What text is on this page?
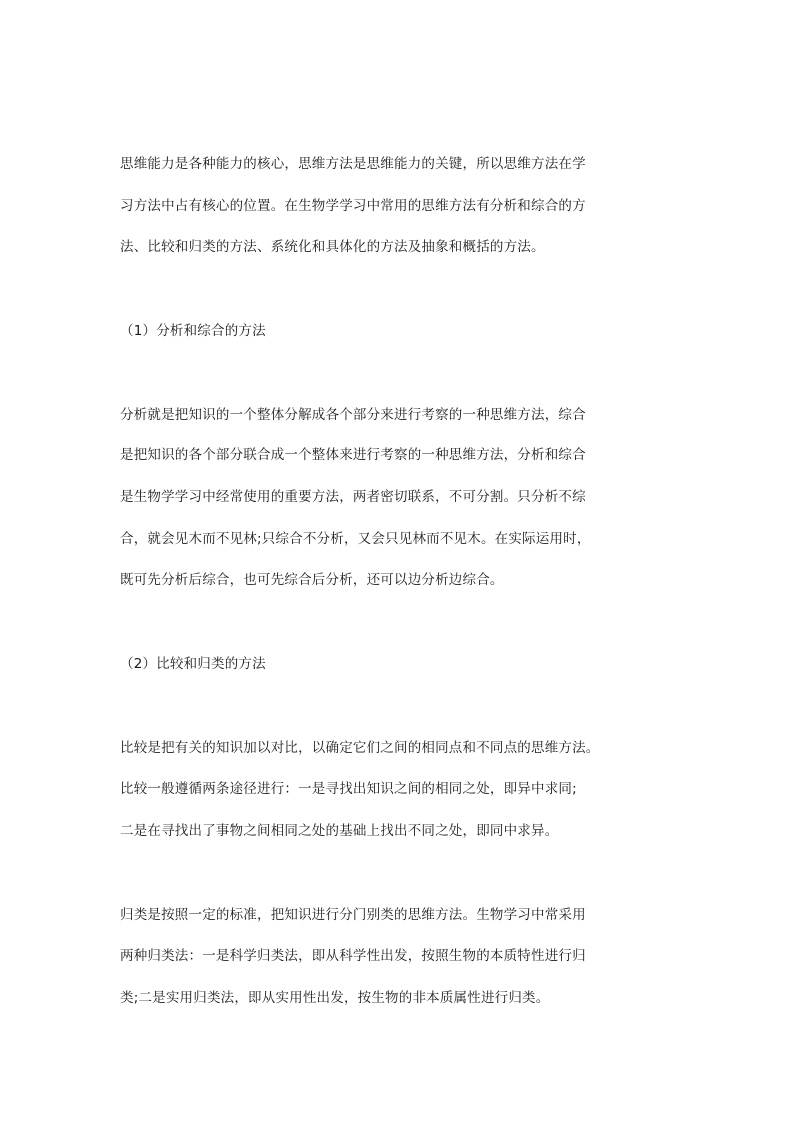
思维能力是各种能力的核心，思维方法是思维能力的关键，所以思维方法在学
习方法中占有核心的位置。在生物学学习中常用的思维方法有分析和综合的方
法、比较和归类的方法、系统化和具体化的方法及抽象和概括的方法。
（1）分析和综合的方法
分析就是把知识的一个整体分解成各个部分来进行考察的一种思维方法，综合
是把知识的各个部分联合成一个整体来进行考察的一种思维方法，分析和综合
是生物学学习中经常使用的重要方法，两者密切联系，不可分割。只分析不综
合，就会见木而不见林;只综合不分析，又会只见林而不见木。在实际运用时，
既可先分析后综合，也可先综合后分析，还可以边分析边综合。
（2）比较和归类的方法
比较是把有关的知识加以对比，以确定它们之间的相同点和不同点的思维方法。
比较一般遵循两条途径进行：一是寻找出知识之间的相同之处，即异中求同;
二是在寻找出了事物之间相同之处的基础上找出不同之处，即同中求异。
归类是按照一定的标准，把知识进行分门别类的思维方法。生物学习中常采用
两种归类法：一是科学归类法，即从科学性出发，按照生物的本质特性进行归
类;二是实用归类法，即从实用性出发，按生物的非本质属性进行归类。
